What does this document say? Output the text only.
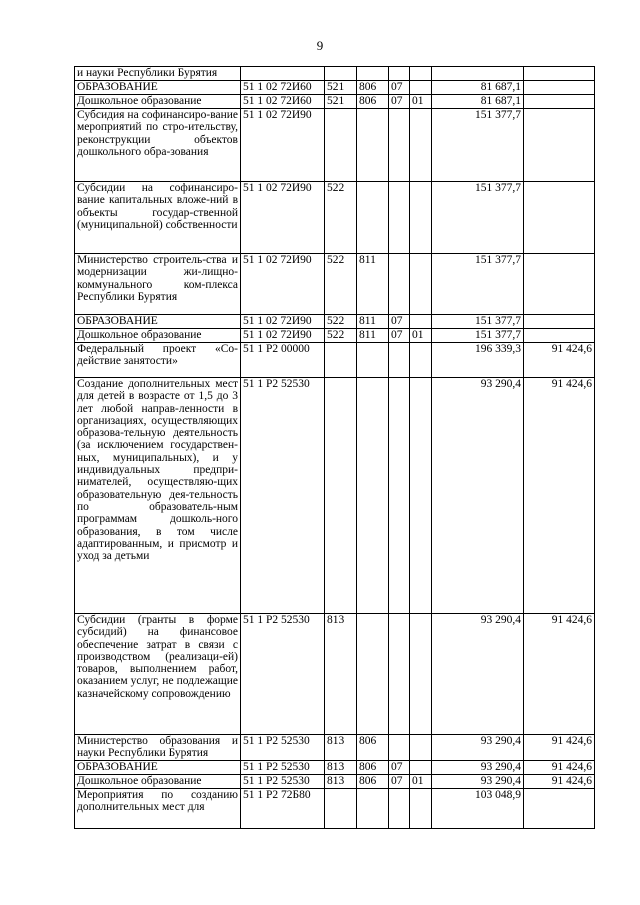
9
и науки Республики Бурятия							
ОБРАЗОВАНИЕ	51 1 02 72И60	521	806	07		81 687,1	
Дошкольное образование	51 1 02 72И60	521	806	07	01	81 687,1	
Субсидия на софинансиро-вание мероприятий по стро-ительству, реконструкции объектов дошкольного обра-зования	51 1 02 72И90					151 377,7	
Субсидии на софинансиро-вание капитальных вложе-ний в объекты государ-ственной (муниципальной) собственности	51 1 02 72И90	522				151 377,7	
Министерство строитель-ства и модернизации жи-лищно-коммунального ком-плекса Республики Бурятия	51 1 02 72И90	522	811			151 377,7	
ОБРАЗОВАНИЕ	51 1 02 72И90	522	811	07		151 377,7	
Дошкольное образование	51 1 02 72И90	522	811	07	01	151 377,7	
Федеральный проект «Со-действие занятости»	51 1 P2 00000					196 339,3	91 424,6
Создание дополнительных мест для детей в возрасте от 1,5 до 3 лет любой направ-ленности в организациях, осуществляющих образова-тельную деятельность (за исключением государствен-ных, муниципальных), и у индивидуальных предпри-нимателей, осуществляю-щих образовательную дея-тельность по образователь-ным программам дошколь-ного образования, в том числе адаптированным, и присмотр и уход за детьми	51 1 P2 52530					93 290,4	91 424,6
Субсидии (гранты в форме субсидий) на финансовое обеспечение затрат в связи с производством (реализаци-ей) товаров, выполнением работ, оказанием услуг, не подлежащие казначейскому сопровождению	51 1 P2 52530	813				93 290,4	91 424,6
Министерство образования и науки Республики Бурятия	51 1 P2 52530	813	806			93 290,4	91 424,6
ОБРАЗОВАНИЕ	51 1 P2 52530	813	806	07		93 290,4	91 424,6
Дошкольное образование	51 1 P2 52530	813	806	07	01	93 290,4	91 424,6
Мероприятия по созданию дополнительных мест для	51 1 P2 72Б80					103 048,9	
